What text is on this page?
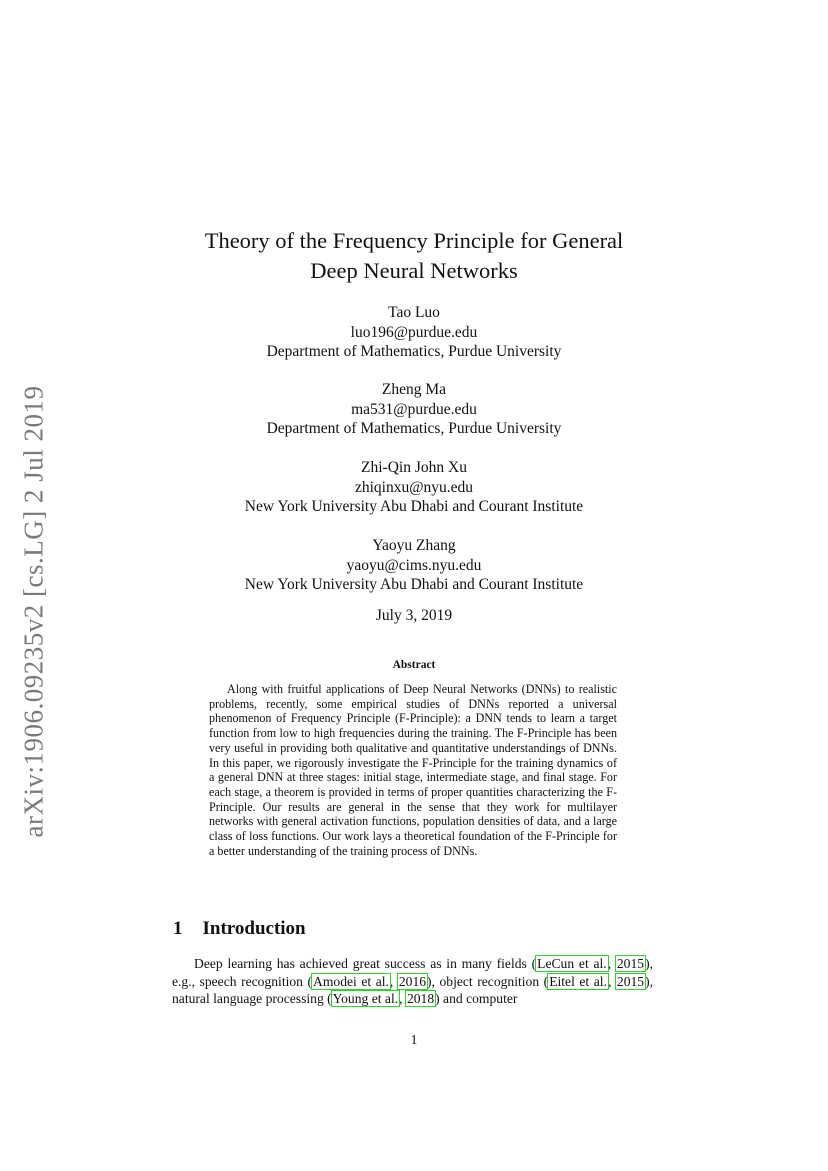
arXiv:1906.09235v2 [cs.LG] 2 Jul 2019
Theory of the Frequency Principle for General
Deep Neural Networks
Tao Luo
luo196@purdue.edu
Department of Mathematics, Purdue University
Zheng Ma
ma531@purdue.edu
Department of Mathematics, Purdue University
Zhi-Qin John Xu
zhiqinxu@nyu.edu
New York University Abu Dhabi and Courant Institute
Yaoyu Zhang
yaoyu@cims.nyu.edu
New York University Abu Dhabi and Courant Institute
July 3, 2019
Abstract
Along with fruitful applications of Deep Neural Networks (DNNs) to realistic problems, recently, some empirical studies of DNNs reported a universal phenomenon of Frequency Principle (F-Principle): a DNN tends to learn a target function from low to high frequencies during the training. The F-Principle has been very useful in providing both qualitative and quantitative understandings of DNNs. In this paper, we rigorously investigate the F-Principle for the training dynamics of a general DNN at three stages: initial stage, intermediate stage, and final stage. For each stage, a theorem is provided in terms of proper quantities characterizing the F-Principle. Our results are general in the sense that they work for multilayer networks with general activation functions, population densities of data, and a large class of loss functions. Our work lays a theoretical foundation of the F-Principle for a better understanding of the training process of DNNs.
1 Introduction
Deep learning has achieved great success as in many fields (LeCun et al., 2015), e.g., speech recognition (Amodei et al., 2016), object recognition (Eitel et al., 2015), natural language processing (Young et al., 2018) and computer
1
